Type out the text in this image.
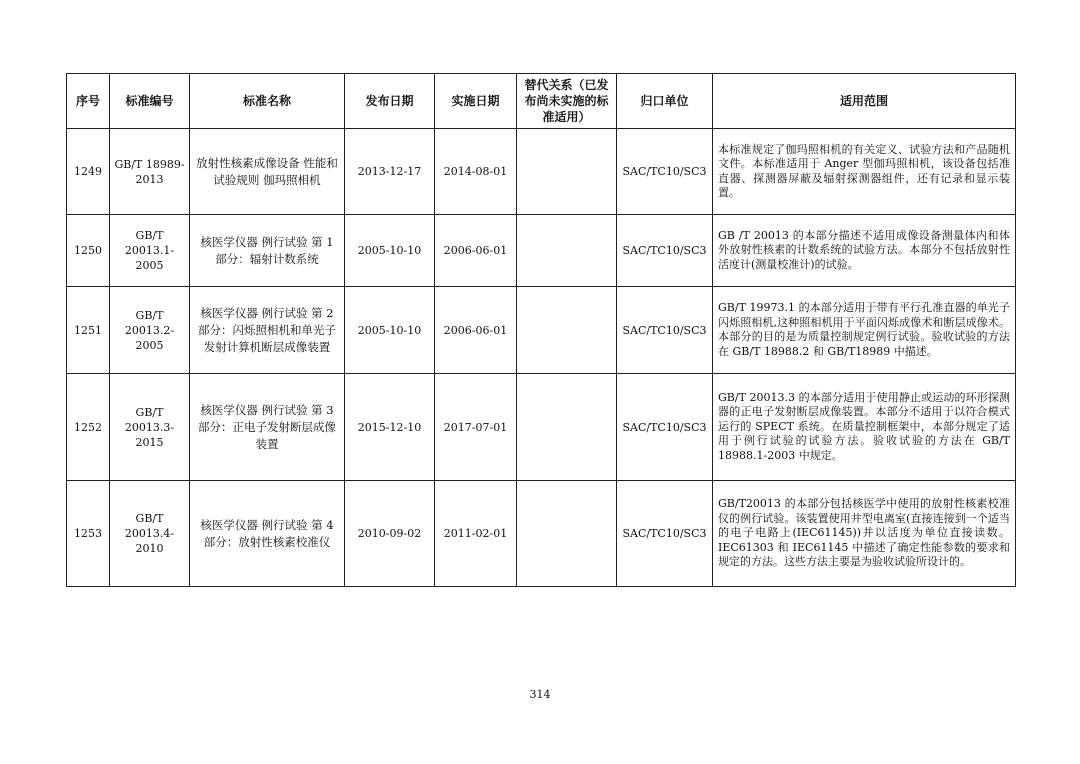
序号	标准编号	标准名称	发布日期	实施日期	替代关系（已发布尚未实施的标准适用）	归口单位	适用范围
1249	GB/T 18989-2013	放射性核素成像设备 性能和试验规则 伽玛照相机	2013-12-17	2014-08-01		SAC/TC10/SC3	本标准规定了伽玛照相机的有关定义、试验方法和产品随机文件。本标准适用于 Anger 型伽玛照相机，该设备包括准直器、探测器屏蔽及辐射探测器组件，还有记录和显示装置。
1250	GB/T 20013.1-2005	核医学仪器 例行试验 第 1 部分：辐射计数系统	2005-10-10	2006-06-01		SAC/TC10/SC3	GB /T 20013 的本部分描述不适用成像设备测量体内和体外放射性核素的计数系统的试验方法。本部分不包括放射性活度计(测量校准计)的试验。
1251	GB/T 20013.2-2005	核医学仪器 例行试验 第 2 部分：闪烁照相机和单光子发射计算机断层成像装置	2005-10-10	2006-06-01		SAC/TC10/SC3	GB/T 19973.1 的本部分适用于带有平行孔准直器的单光子闪烁照相机,这种照相机用于平面闪烁成像术和断层成像术。本部分的目的是为质量控制规定例行试验。验收试验的方法在 GB/T 18988.2 和 GB/T18989 中描述。
1252	GB/T 20013.3-2015	核医学仪器 例行试验 第 3 部分：正电子发射断层成像装置	2015-12-10	2017-07-01		SAC/TC10/SC3	GB/T 20013.3 的本部分适用于使用静止或运动的环形探测器的正电子发射断层成像装置。本部分不适用于以符合模式运行的 SPECT 系统。在质量控制框架中，本部分规定了适用于例行试验的试验方法。验收试验的方法在 GB/T 18988.1-2003 中规定。
1253	GB/T 20013.4-2010	核医学仪器 例行试验 第 4 部分：放射性核素校准仪	2010-09-02	2011-02-01		SAC/TC10/SC3	GB/T20013 的本部分包括核医学中使用的放射性核素校准仪的例行试验。该装置使用井型电离室(直接连接到一个适当的电子电路上(IEC61145))并以活度为单位直接读数。IEC61303 和 IEC61145 中描述了确定性能参数的要求和规定的方法。这些方法主要是为验收试验所设计的。
314
